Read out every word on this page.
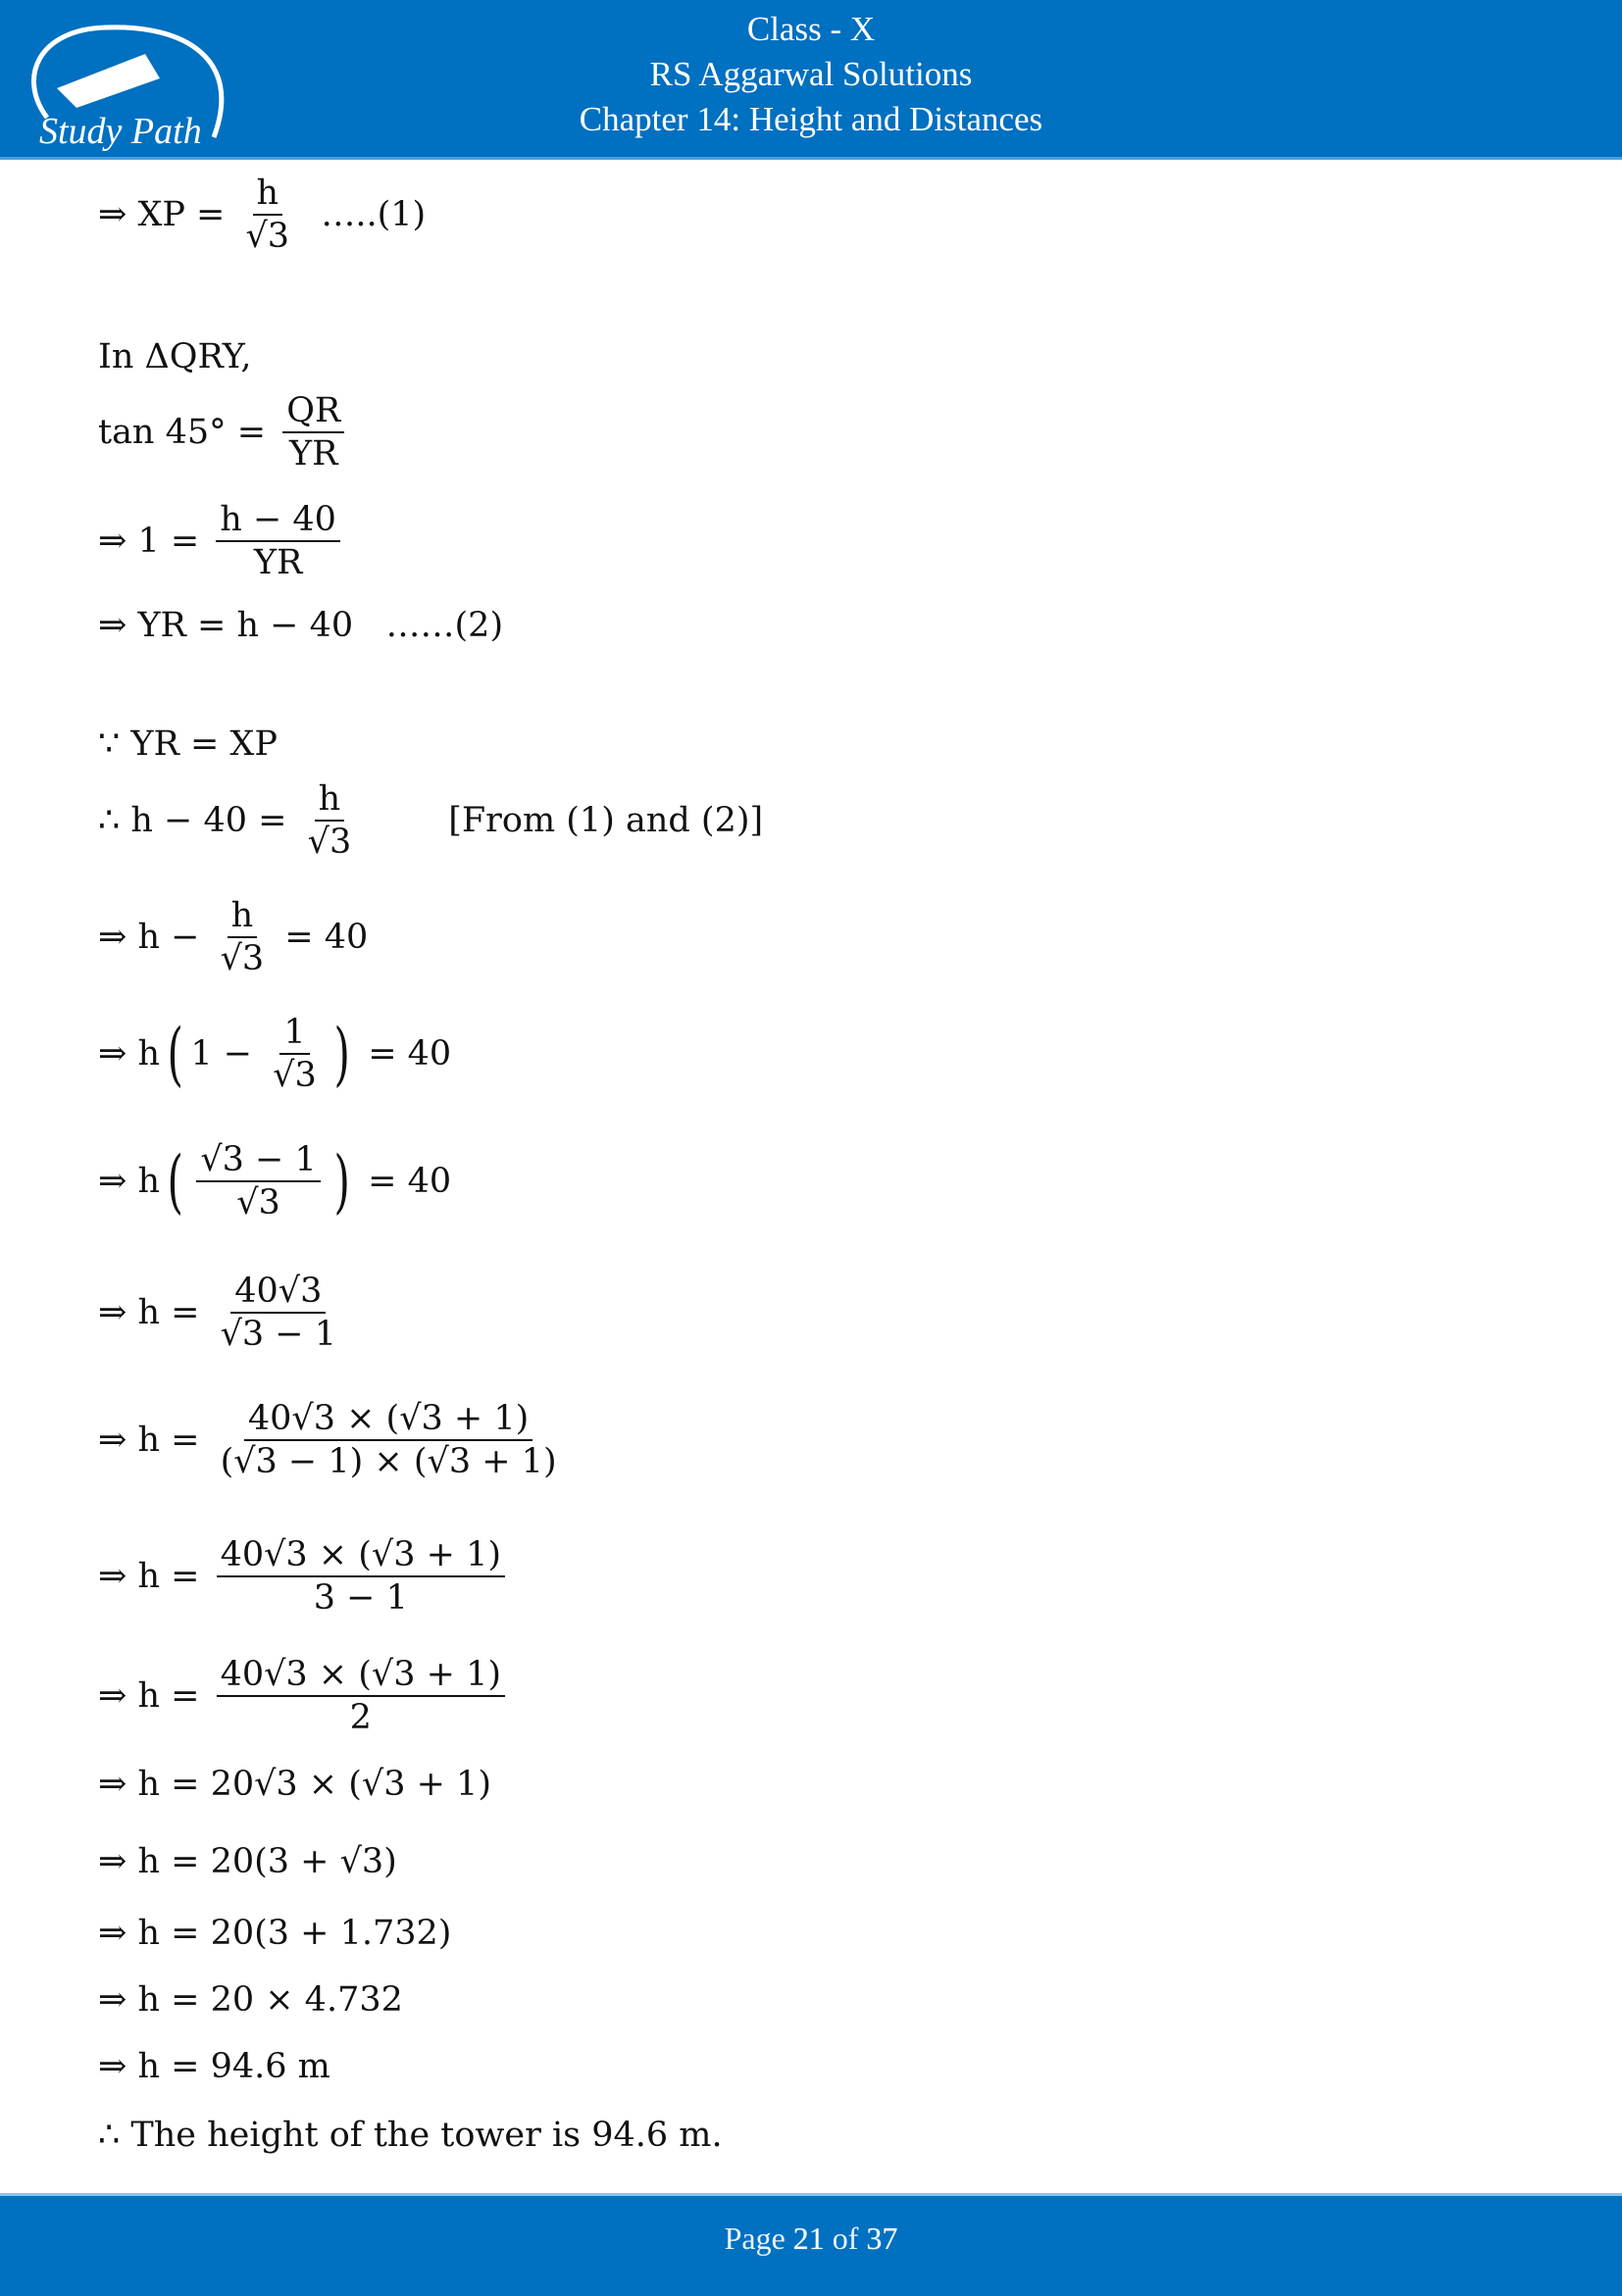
Study Path
Class - X
RS Aggarwal Solutions
Chapter 14: Height and Distances
⇒ XP = $\frac{h}{√3}$ …..(1)
In ΔQRY,
$\tan 45^\circ = \frac{QR}{YR}$
⇒ $1 = \frac{h - 40}{YR}$
⇒ YR = h − 40   ……(2)
∵ YR = XP
∴ $h - 40 = \frac{h}{√3}$ [From (1) and (2)]
⇒ $h - \frac{h}{√3} = 40$
⇒ h ( $1 - \frac{1}{√3}$ ) = 40
⇒ h ( $\frac{√3 - 1}{√3}$ ) = 40
⇒ $h = \frac{40√3}{√3 - 1}$
⇒ $h = \frac{40√3 \times (√3 + 1)}{(√3 - 1) \times (√3 + 1)}$
⇒ $h = \frac{40√3 \times (√3 + 1)}{3 - 1}$
⇒ $h = \frac{40√3 \times (√3 + 1)}{2}$
⇒ h = 20√3 × (√3 + 1)
⇒ h = 20(3 + √3)
⇒ h = 20(3 + 1.732)
⇒ h = 20 × 4.732
⇒ h = 94.6 m
∴ The height of the tower is 94.6 m.
Page 21 of 37
